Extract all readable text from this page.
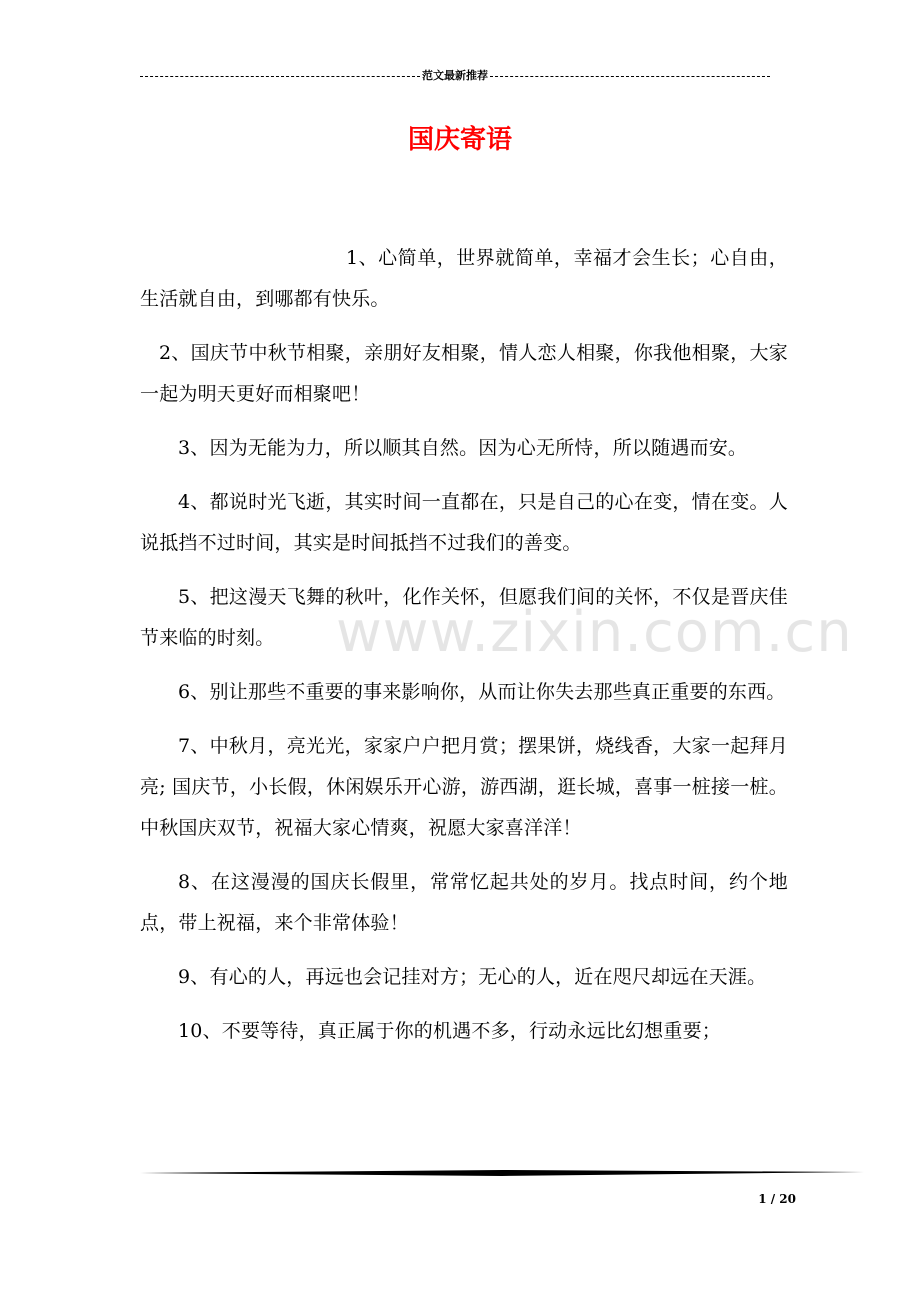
范文最新推荐
国庆寄语
www.zixin.com.cn

1、心简单，世界就简单，幸福才会生长；心自由，生活就自由，到哪都有快乐。

2、国庆节中秋节相聚，亲朋好友相聚，情人恋人相聚，你我他相聚，大家一起为明天更好而相聚吧！

3、因为无能为力，所以顺其自然。因为心无所恃，所以随遇而安。

4、都说时光飞逝，其实时间一直都在，只是自己的心在变，情在变。人说抵挡不过时间，其实是时间抵挡不过我们的善变。

5、把这漫天飞舞的秋叶，化作关怀，但愿我们间的关怀，不仅是晋庆佳节来临的时刻。

6、别让那些不重要的事来影响你，从而让你失去那些真正重要的东西。

7、中秋月，亮光光，家家户户把月赏；摆果饼，烧线香，大家一起拜月亮; 国庆节，小长假，休闲娱乐开心游，游西湖，逛长城，喜事一桩接一桩。中秋国庆双节，祝福大家心情爽，祝愿大家喜洋洋！

8、在这漫漫的国庆长假里，常常忆起共处的岁月。找点时间，约个地点，带上祝福，来个非常体验！

9、有心的人，再远也会记挂对方；无心的人，近在咫尺却远在天涯。

10、不要等待，真正属于你的机遇不多，行动永远比幻想重要；

1 / 20
